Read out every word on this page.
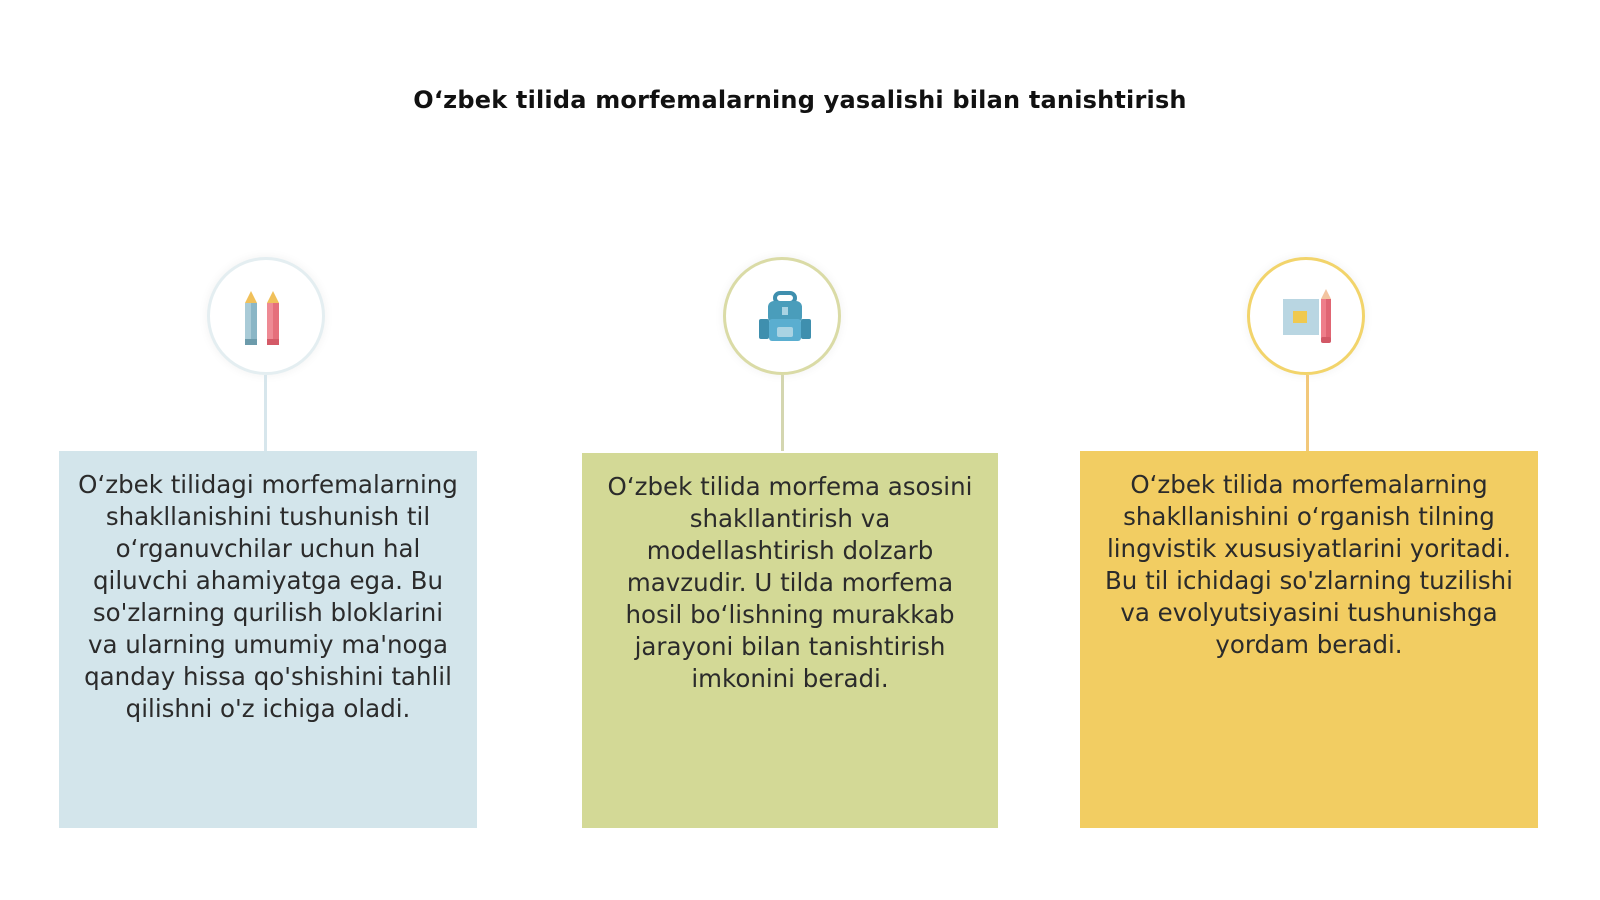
O‘zbek tilida morfemalarning yasalishi bilan tanishtirish
O‘zbek tilidagi morfemalarning shakllanishini tushunish til o‘rganuvchilar uchun hal qiluvchi ahamiyatga ega. Bu so'zlarning qurilish bloklarini va ularning umumiy ma'noga qanday hissa qo'shishini tahlil qilishni o'z ichiga oladi.
O‘zbek tilida morfema asosini shakllantirish va modellashtirish dolzarb mavzudir. U tilda morfema hosil bo‘lishning murakkab jarayoni bilan tanishtirish imkonini beradi.
O‘zbek tilida morfemalarning shakllanishini o‘rganish tilning lingvistik xususiyatlarini yoritadi. Bu til ichidagi so'zlarning tuzilishi va evolyutsiyasini tushunishga yordam beradi.
